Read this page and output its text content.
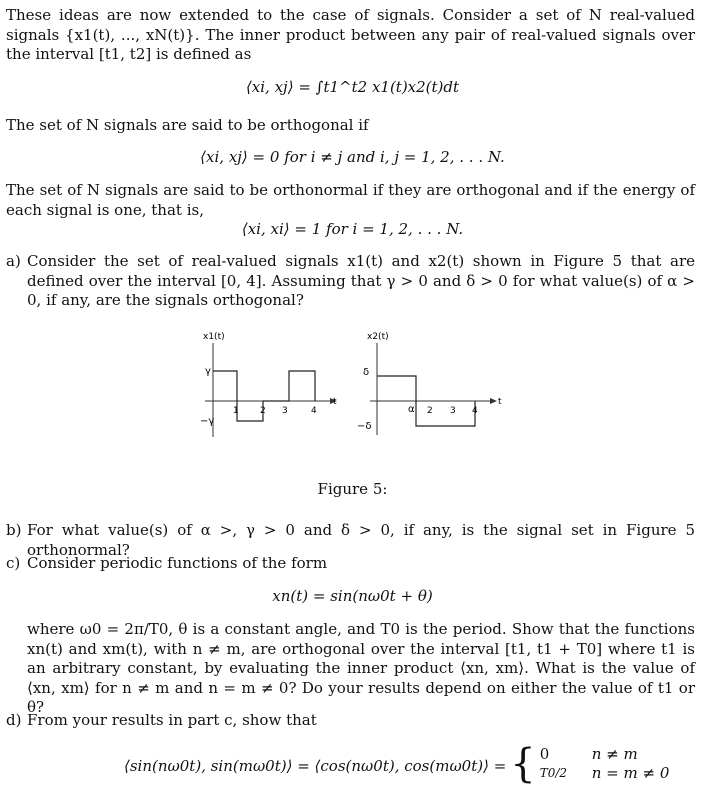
These ideas are now extended to the case of signals. Consider a set of N real-valued signals {x1(t), ..., xN(t)}. The inner product between any pair of real-valued signals over the interval [t1, t2] is defined as

⟨xi, xj⟩ = ∫t1^t2 x1(t)x2(t)dt

The set of N signals are said to be orthogonal if

⟨xi, xj⟩ = 0 for i ≠ j and i, j = 1, 2, . . . N.

The set of N signals are said to be orthonormal if they are orthogonal and if the energy of each signal is one, that is,

⟨xi, xi⟩ = 1 for i = 1, 2, . . . N.
a) Consider the set of real-valued signals x1(t) and x2(t) shown in Figure 5 that are defined over the interval [0, 4]. Assuming that γ > 0 and δ > 0 for what value(s) of α > 0, if any, are the signals orthogonal?

x1(t)
γ
−γ
1 2 3	4
t
x2(t)
δ
−δ
α 2 3 4
t
Figure 5:
b) For what value(s) of α >, γ > 0 and δ > 0, if any, is the signal set in Figure 5 orthonormal?

c) Consider periodic functions of the form

xn(t) = sin(nω0t + θ)

where ω0 = 2π/T0, θ is a constant angle, and T0 is the period. Show that the functions xn(t) and xm(t), with n ≠ m, are orthogonal over the interval [t1, t1 + T0] where t1 is an arbitrary constant, by evaluating the inner product ⟨xn, xm⟩. What is the value of ⟨xn, xm⟩ for n ≠ m and n = m ≠ 0? Do your results depend on either the value of t1 or θ?

d) From your results in part c, show that

⟨sin(nω0t), sin(mω0t)⟩ = ⟨cos(nω0t), cos(mω0t)⟩ = { 0	n ≠ m
T0/2 n = m ≠ 0
